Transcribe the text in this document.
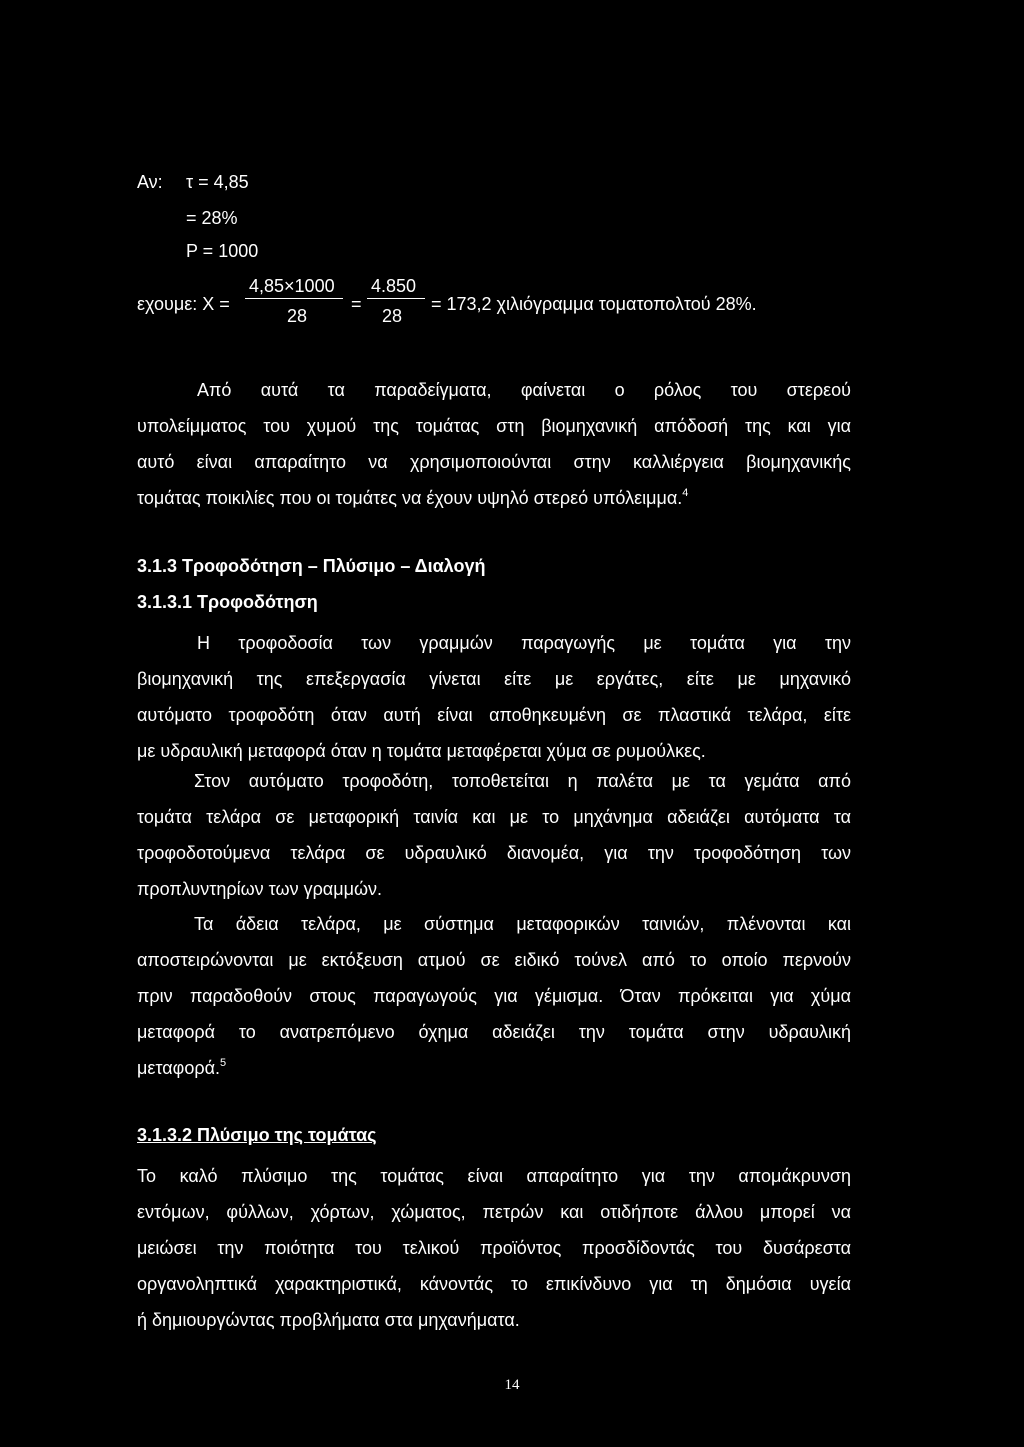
Αν: τ = 4,85
= 28%
P = 1000
εχουμε: X =
4,85×1000
28
=
4.850
28
= 173,2 χιλιόγραμμα τοματοπολτού 28%.
Από αυτά τα παραδείγματα, φαίνεται ο ρόλος του στερεού
υπολείμματος του χυμού της τομάτας στη βιομηχανική απόδοσή της και για
αυτό είναι απαραίτητο να χρησιμοποιούνται στην καλλιέργεια βιομηχανικής
τομάτας ποικιλίες που οι τομάτες να έχουν υψηλό στερεό υπόλειμμα.$^4$
3.1.3 Τροφοδότηση – Πλύσιμο – Διαλογή
3.1.3.1 Τροφοδότηση
Η τροφοδοσία των γραμμών παραγωγής με τομάτα για την
βιομηχανική της επεξεργασία γίνεται είτε με εργάτες, είτε με μηχανικό
αυτόματο τροφοδότη όταν αυτή είναι αποθηκευμένη σε πλαστικά τελάρα, είτε
με υδραυλική μεταφορά όταν η τομάτα μεταφέρεται χύμα σε ρυμούλκες.
Στον αυτόματο τροφοδότη, τοποθετείται η παλέτα με τα γεμάτα από
τομάτα τελάρα σε μεταφορική ταινία και με το μηχάνημα αδειάζει αυτόματα τα
τροφοδοτούμενα τελάρα σε υδραυλικό διανομέα, για την τροφοδότηση των
προπλυντηρίων των γραμμών.
Τα άδεια τελάρα, με σύστημα μεταφορικών ταινιών, πλένονται και
αποστειρώνονται με εκτόξευση ατμού σε ειδικό τούνελ από το οποίο περνούν
πριν παραδοθούν στους παραγωγούς για γέμισμα. Όταν πρόκειται για χύμα
μεταφορά το ανατρεπόμενο όχημα αδειάζει την τομάτα στην υδραυλική
μεταφορά.$^5$
3.1.3.2 Πλύσιμο της τομάτας
Το καλό πλύσιμο της τομάτας είναι απαραίτητο για την απομάκρυνση
εντόμων, φύλλων, χόρτων, χώματος, πετρών και οτιδήποτε άλλου μπορεί να
μειώσει την ποιότητα του τελικού προϊόντος προσδίδοντάς του δυσάρεστα
οργανοληπτικά χαρακτηριστικά, κάνοντάς το επικίνδυνο για τη δημόσια υγεία
ή δημιουργώντας προβλήματα στα μηχανήματα.
14
